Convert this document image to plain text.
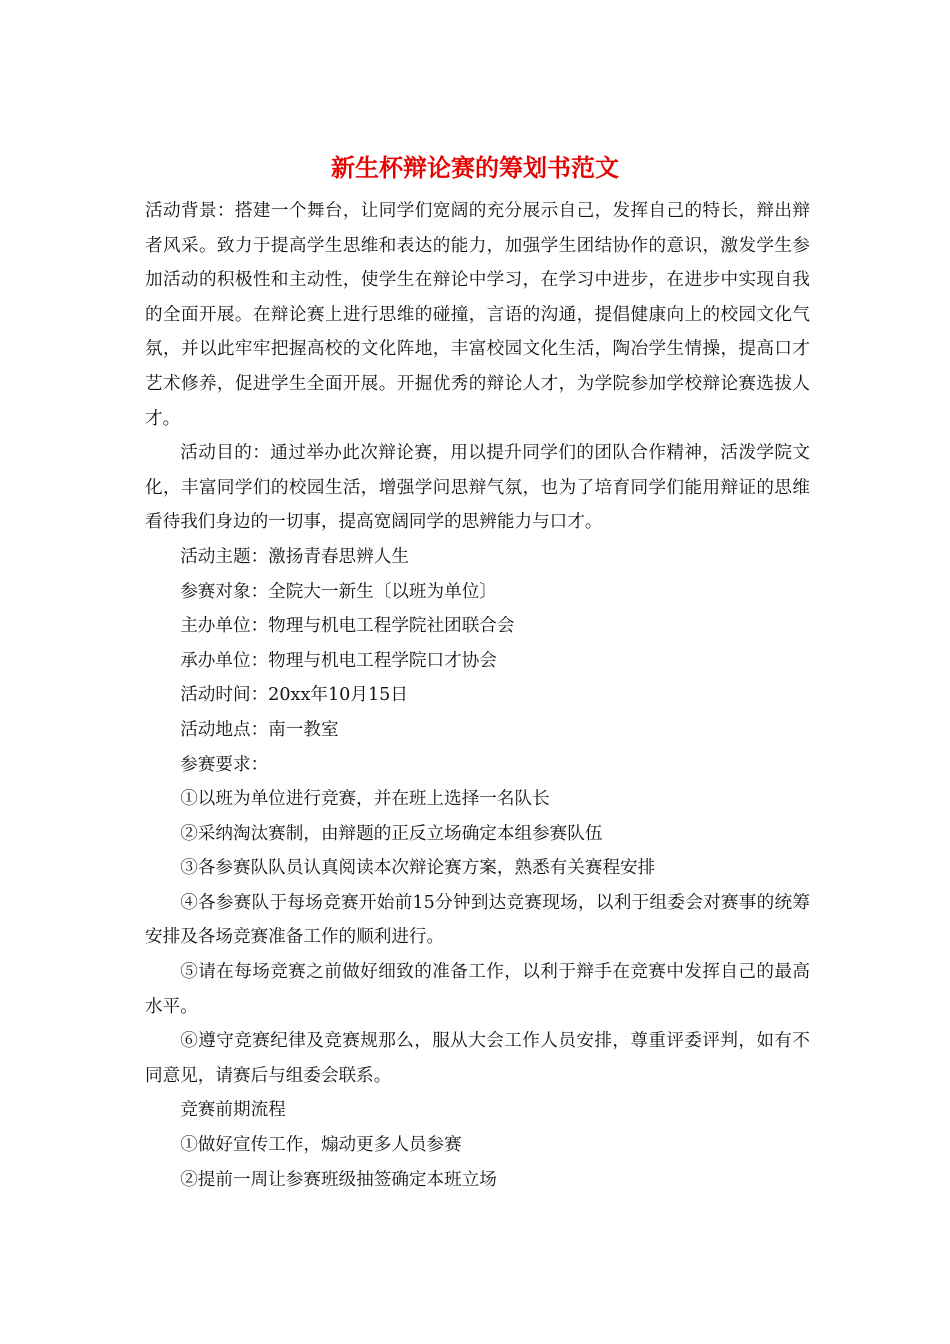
新生杯辩论赛的筹划书范文

活动背景：搭建一个舞台，让同学们宽阔的充分展示自己，发挥自己的特长，辩出辩者风采。致力于提高学生思维和表达的能力，加强学生团结协作的意识，激发学生参加活动的积极性和主动性，使学生在辩论中学习，在学习中进步，在进步中实现自我的全面开展。在辩论赛上进行思维的碰撞，言语的沟通，提倡健康向上的校园文化气氛，并以此牢牢把握高校的文化阵地，丰富校园文化生活，陶冶学生情操，提高口才艺术修养，促进学生全面开展。开掘优秀的辩论人才，为学院参加学校辩论赛选拔人才。

活动目的：通过举办此次辩论赛，用以提升同学们的团队合作精神，活泼学院文化，丰富同学们的校园生活，增强学问思辩气氛，也为了培育同学们能用辩证的思维看待我们身边的一切事，提高宽阔同学的思辨能力与口才。

活动主题：激扬青春思辨人生

参赛对象：全院大一新生〔以班为单位〕

主办单位：物理与机电工程学院社团联合会

承办单位：物理与机电工程学院口才协会

活动时间：20xx年10月15日

活动地点：南一教室

参赛要求：

①以班为单位进行竞赛，并在班上选择一名队长

②采纳淘汰赛制，由辩题的正反立场确定本组参赛队伍

③各参赛队队员认真阅读本次辩论赛方案，熟悉有关赛程安排

④各参赛队于每场竞赛开始前15分钟到达竞赛现场，以利于组委会对赛事的统筹安排及各场竞赛准备工作的顺利进行。

⑤请在每场竞赛之前做好细致的准备工作，以利于辩手在竞赛中发挥自己的最高水平。

⑥遵守竞赛纪律及竞赛规那么，服从大会工作人员安排，尊重评委评判，如有不同意见，请赛后与组委会联系。

竞赛前期流程

①做好宣传工作，煽动更多人员参赛

②提前一周让参赛班级抽签确定本班立场
